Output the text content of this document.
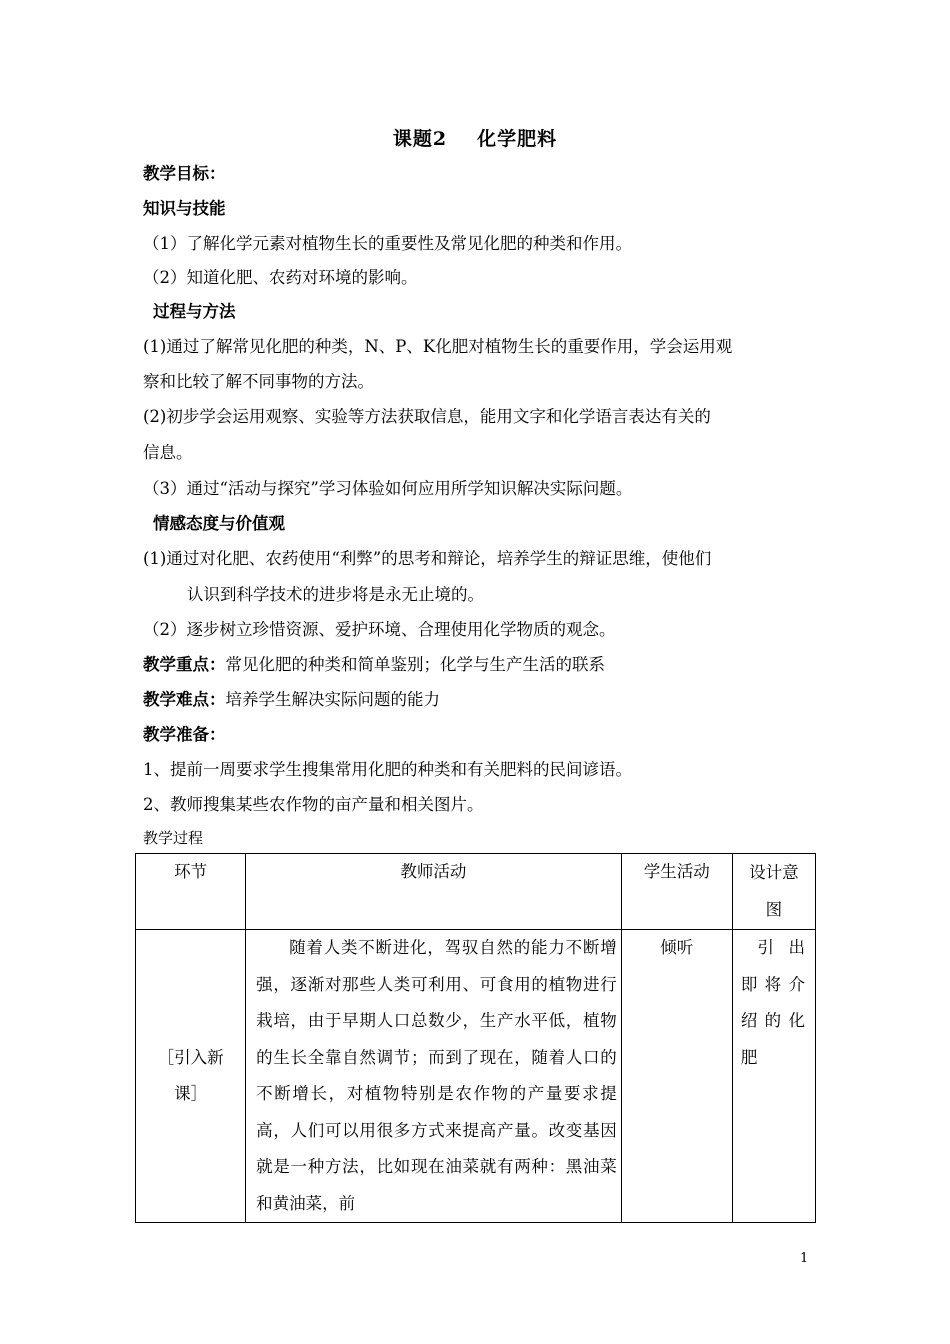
课题2 化学肥料
教学目标：
知识与技能
（1）了解化学元素对植物生长的重要性及常见化肥的种类和作用。
（2）知道化肥、农药对环境的影响。
过程与方法
(1)通过了解常见化肥的种类，N、P、K化肥对植物生长的重要作用，学会运用观
察和比较了解不同事物的方法。
(2)初步学会运用观察、实验等方法获取信息，能用文字和化学语言表达有关的
信息。
（3）通过“活动与探究”学习体验如何应用所学知识解决实际问题。
情感态度与价值观
(1)通过对化肥、农药使用“利弊”的思考和辩论，培养学生的辩证思维，使他们
认识到科学技术的进步将是永无止境的。
（2）逐步树立珍惜资源、爱护环境、合理使用化学物质的观念。
教学重点：常见化肥的种类和简单鉴别；化学与生产生活的联系
教学难点：培养学生解决实际问题的能力
教学准备：
1、提前一周要求学生搜集常用化肥的种类和有关肥料的民间谚语。
2、教师搜集某些农作物的亩产量和相关图片。
教学过程
环节	教师活动	学生活动	设计意图
［引入新课］	随着人类不断进化，驾驭自然的能力不断增强，逐渐对那些人类可利用、可食用的植物进行栽培，由于早期人口总数少，生产水平低，植物的生长全靠自然调节；而到了现在，随着人口的不断增长，对植物特别是农作物的产量要求提高，人们可以用很多方式来提高产量。改变基因就是一种方法，比如现在油菜就有两种：黑油菜和黄油菜，前	倾听	引出即将介绍的化肥
1
